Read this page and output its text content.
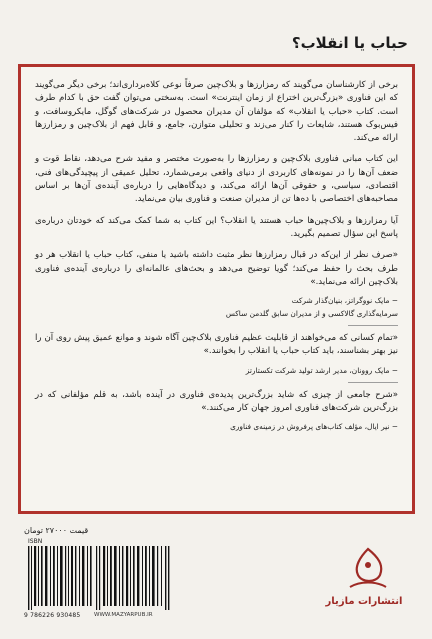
حباب یا انقلاب؟

برخی از کارشناسان می‌گویند که رمزارزها و بلاک‌چین صرفاً نوعی کلاه‌برداری‌اند؛ برخی دیگر می‌گویند که این فناوری «بزرگ‌ترین اختراع از زمان اینترنت» است. به‌سختی می‌توان گفت حق با کدام طرف است. کتاب «حباب یا انقلاب» که مؤلفان آن مدیران محصول در شرکت‌های گوگل، مایکروسافت، و فیس‌بوک هستند، شایعات را کنار می‌زند و تحلیلی متوازن، جامع، و قابل فهم از بلاک‌چین و رمزارزها ارائه می‌کند.

این کتاب مبانی فناوری بلاک‌چین و رمزارزها را به‌صورت مختصر و مفید شرح می‌دهد، نقاط قوت و ضعف آن‌ها را در نمونه‌های کاربردی از دنیای واقعی برمی‌شمارد، تحلیل عمیقی از پیچیدگی‌های فنی، اقتصادی، سیاسی، و حقوقی آن‌ها ارائه می‌کند، و دیدگاه‌هایی را درباره‌ی آینده‌ی آن‌ها بر اساس مصاحبه‌های اختصاصی با ده‌ها تن از مدیران صنعت و فناوری بیان می‌نماید.

آیا رمزارزها و بلاک‌چین‌ها حباب هستند یا انقلاب؟ این کتاب به شما کمک می‌کند که خودتان درباره‌ی پاسخ این سؤال تصمیم بگیرید.

«صرف نظر از این‌که در قبال رمزارزها نظر مثبت داشته باشید یا منفی، کتاب حباب یا انقلاب هر دو طرف بحث را حفظ می‌کند؛ گویا توضیح می‌دهد و بحث‌های عالمانه‌ای را درباره‌ی آینده‌ی فناوری بلاک‌چین ارائه می‌نماید.»

− مایک نووگراتز، بنیان‌گذار شرکت
سرمایه‌گذاری گالاکسی و از مدیران سابق گلدمن ساکس

«تمام کسانی که می‌خواهند از قابلیت عظیم فناوری بلاک‌چین آگاه شوند و موانع عمیق پیش روی آن را نیز بهتر بشناسند، باید کتاب حباب یا انقلاب را بخوانند.»

− مایک روونان، مدیر ارشد تولید شرکت تکستارتز

«شرح جامعی از چیزی که شاید بزرگ‌ترین پدیده‌ی فناوری در آینده باشد، به قلم مؤلفانی که در بزرگ‌ترین شرکت‌های فناوری امروز جهان کار می‌کنند.»

− نیر ایال، مؤلف کتاب‌های پرفروش در زمینه‌ی فناوری
قیمت ۲۷۰۰۰ تومان
ISBN
9 786226 930485 WWW.MAZYARPUB.IR
انتشارات مازیار
